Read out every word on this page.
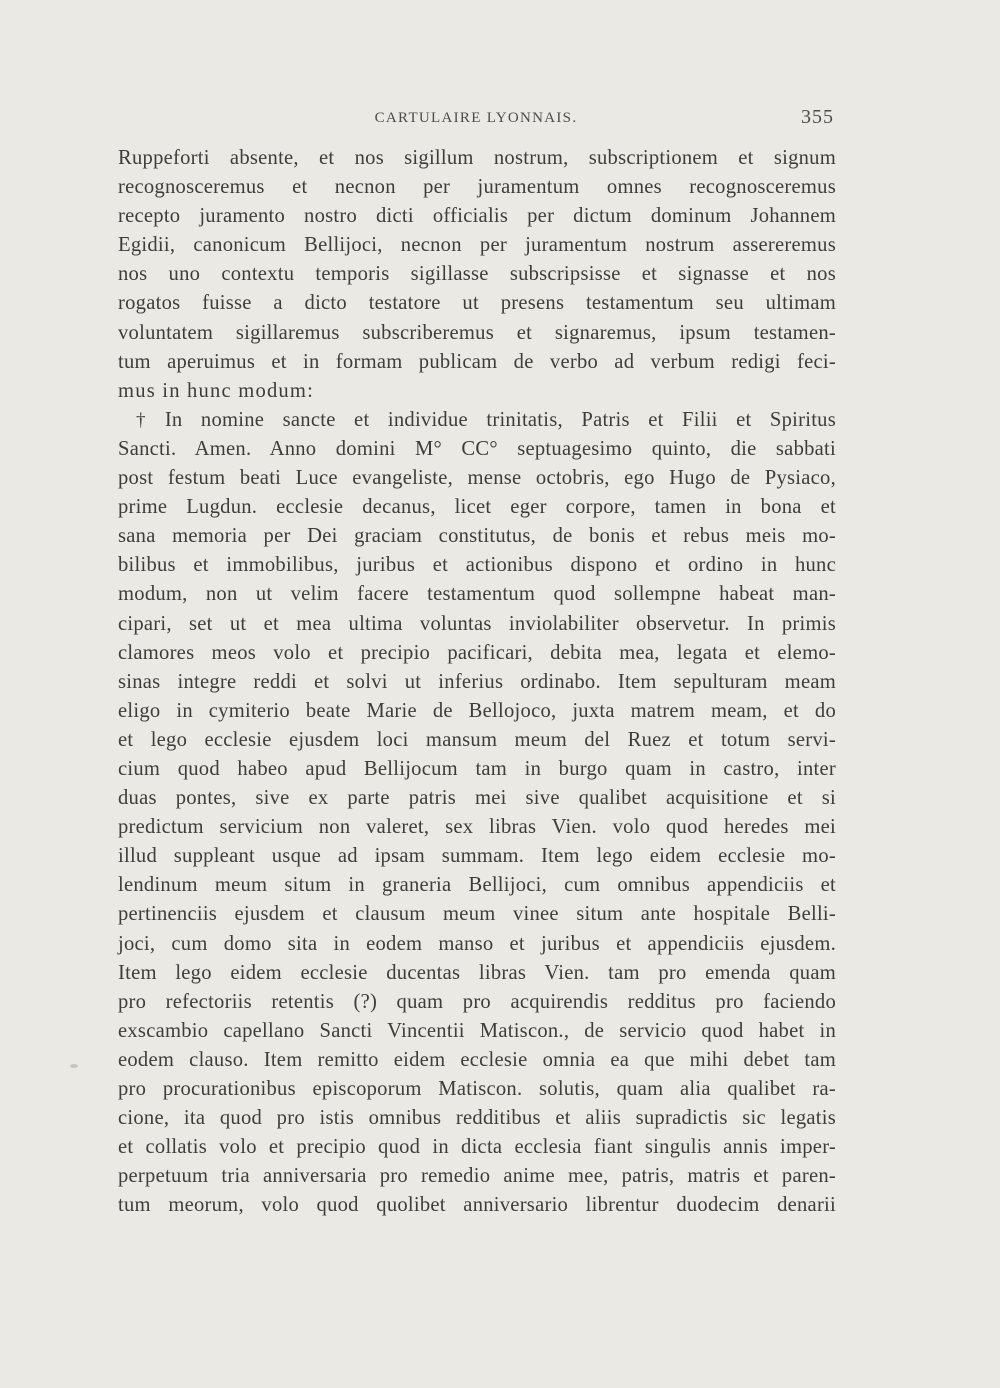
CARTULAIRE LYONNAIS.	355
Ruppeforti absente, et nos sigillum nostrum, subscriptionem et signum
recognosceremus et necnon per juramentum omnes recognosceremus
recepto juramento nostro dicti officialis per dictum dominum Johannem
Egidii, canonicum Bellijoci, necnon per juramentum nostrum assereremus
nos uno contextu temporis sigillasse subscripsisse et signasse et nos
rogatos fuisse a dicto testatore ut presens testamentum seu ultimam
voluntatem sigillaremus subscriberemus et signaremus, ipsum testamen-
tum aperuimus et in formam publicam de verbo ad verbum redigi feci-
mus in hunc modum:
† In nomine sancte et individue trinitatis, Patris et Filii et Spiritus
Sancti. Amen. Anno domini M° CC° septuagesimo quinto, die sabbati
post festum beati Luce evangeliste, mense octobris, ego Hugo de Pysiaco,
prime Lugdun. ecclesie decanus, licet eger corpore, tamen in bona et
sana memoria per Dei graciam constitutus, de bonis et rebus meis mo-
bilibus et immobilibus, juribus et actionibus dispono et ordino in hunc
modum, non ut velim facere testamentum quod sollempne habeat man-
cipari, set ut et mea ultima voluntas inviolabiliter observetur. In primis
clamores meos volo et precipio pacificari, debita mea, legata et elemo-
sinas integre reddi et solvi ut inferius ordinabo. Item sepulturam meam
eligo in cymiterio beate Marie de Bellojoco, juxta matrem meam, et do
et lego ecclesie ejusdem loci mansum meum del Ruez et totum servi-
cium quod habeo apud Bellijocum tam in burgo quam in castro, inter
duas pontes, sive ex parte patris mei sive qualibet acquisitione et si
predictum servicium non valeret, sex libras Vien. volo quod heredes mei
illud suppleant usque ad ipsam summam. Item lego eidem ecclesie mo-
lendinum meum situm in graneria Bellijoci, cum omnibus appendiciis et
pertinenciis ejusdem et clausum meum vinee situm ante hospitale Belli-
joci, cum domo sita in eodem manso et juribus et appendiciis ejusdem.
Item lego eidem ecclesie ducentas libras Vien. tam pro emenda quam
pro refectoriis retentis (?) quam pro acquirendis redditus pro faciendo
exscambio capellano Sancti Vincentii Matiscon., de servicio quod habet in
eodem clauso. Item remitto eidem ecclesie omnia ea que mihi debet tam
pro procurationibus episcoporum Matiscon. solutis, quam alia qualibet ra-
cione, ita quod pro istis omnibus redditibus et aliis supradictis sic legatis
et collatis volo et precipio quod in dicta ecclesia fiant singulis annis imper-
perpetuum tria anniversaria pro remedio anime mee, patris, matris et paren-
tum meorum, volo quod quolibet anniversario librentur duodecim denarii
